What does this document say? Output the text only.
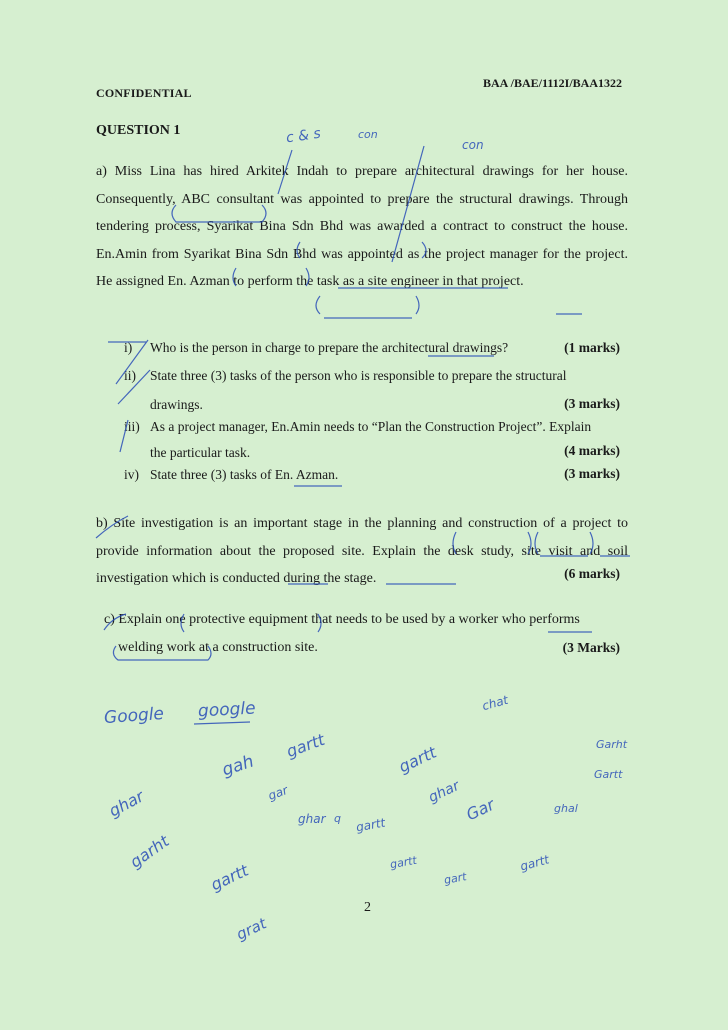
CONFIDENTIAL
BAA /BAE/1112I/BAA1322
QUESTION 1

a) Miss Lina has hired Arkitek Indah to prepare architectural drawings for her house. Consequently, ABC consultant was appointed to prepare the structural drawings. Through tendering process, Syarikat Bina Sdn Bhd was awarded a contract to construct the house. En.Amin from Syarikat Bina Sdn Bhd was appointed as the project manager for the project. He assigned En. Azman to perform the task as a site engineer in that project.

i) Who is the person in charge to prepare the architectural drawings?	(1 marks)
ii) State three (3) tasks of the person who is responsible to prepare the structural
drawings.	(3 marks)
iii) As a project manager, En.Amin needs to “Plan the Construction Project”. Explain
the particular task.	(4 marks)
iv) State three (3) tasks of En. Azman.	(3 marks)

b) Site investigation is an important stage in the planning and construction of a project to provide information about the proposed site. Explain the desk study, site visit and soil investigation which is conducted during the stage.	(6 marks)
c) Explain one protective equipment that needs to be used by a worker who performs
welding work at a construction site.	(3 Marks)
2
c & s	con
con
Google google
gah
gartt	gartt
chat
Garht
ghar	gar	ghar
Gartt
ghar q gartt
Gar	ghal
garht
gartt	gartt
gart
gartt
grat
